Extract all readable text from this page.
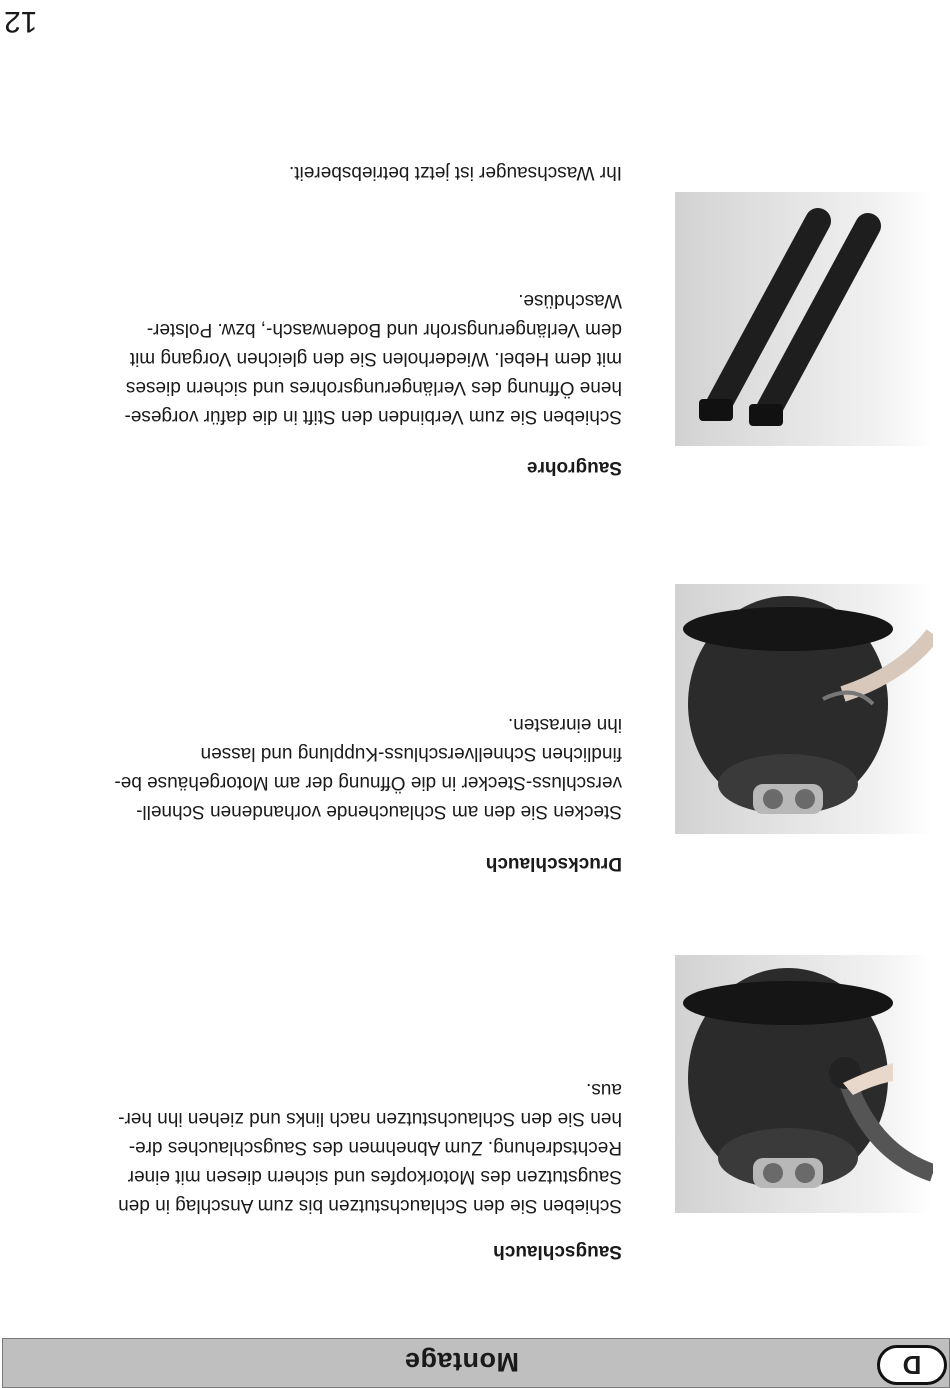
D
Montage
Saugschlauch

Schieben Sie den Schlauchstutzen bis zum Anschlag in den
Saugstutzen des Motorkopfes und sichern diesen mit einer
Rechtsdrehung. Zum Abnehmen des Saugschlauches dre-
hen Sie den Schlauchstutzen nach links und ziehen ihn her-
aus.

Druckschlauch

Stecken Sie den am Schlauchende vorhandenen Schnell-
verschluss-Stecker in die Öffnung der am Motorgehäuse be-
findlichen Schnellverschluss-Kupplung und lassen
ihn einrasten.

Saugrohre

Schieben Sie zum Verbinden den Stift in die dafür vorgese-
hene Öffnung des Verlängerungsrohres und sichern dieses
mit dem Hebel. Wiederholen Sie den gleichen Vorgang mit
dem Verlängerungsrohr und Bodenwasch-, bzw. Polster-
Waschdüse.

Ihr Waschsauger ist jetzt betriebsbereit.
12
